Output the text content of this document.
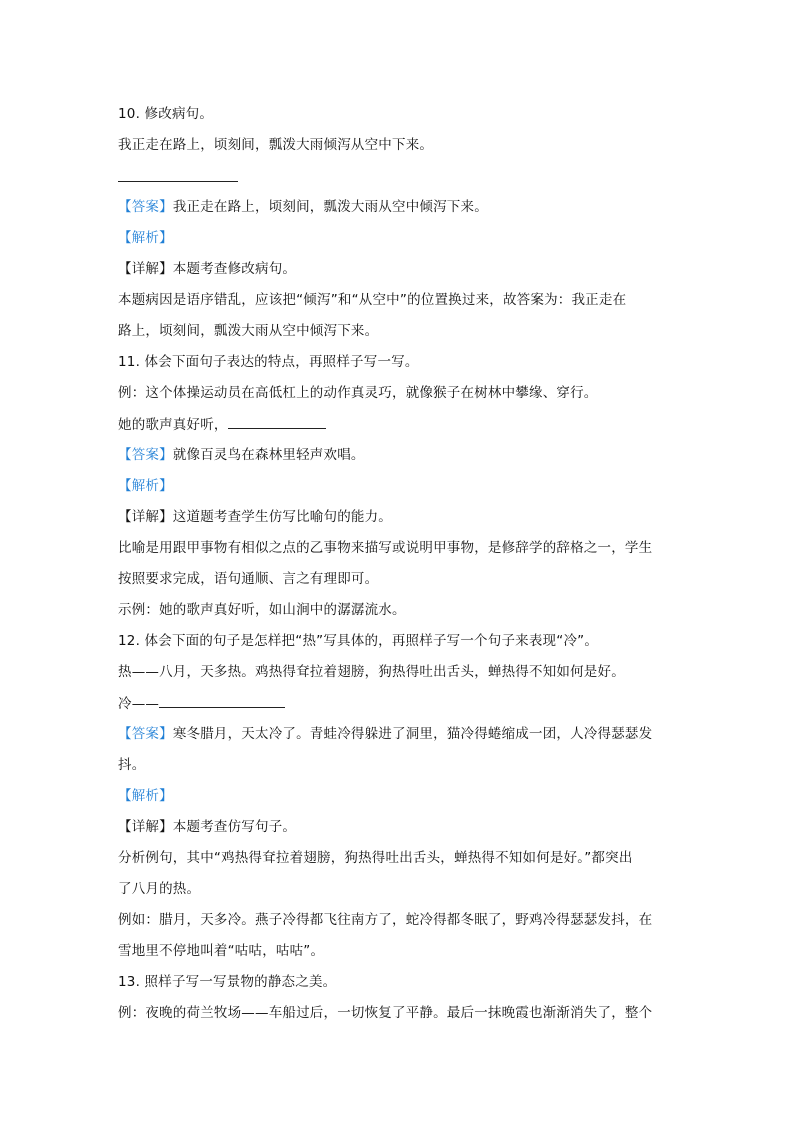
10. 修改病句。
我正走在路上，顷刻间，瓢泼大雨倾泻从空中下来。
【答案】我正走在路上，顷刻间，瓢泼大雨从空中倾泻下来。
【解析】
【详解】本题考查修改病句。
本题病因是语序错乱，应该把“倾泻”和“从空中”的位置换过来，故答案为：我正走在
路上，顷刻间，瓢泼大雨从空中倾泻下来。
11. 体会下面句子表达的特点，再照样子写一写。
例：这个体操运动员在高低杠上的动作真灵巧，就像猴子在树林中攀缘、穿行。
她的歌声真好听，
【答案】就像百灵鸟在森林里轻声欢唱。
【解析】
【详解】这道题考查学生仿写比喻句的能力。
比喻是用跟甲事物有相似之点的乙事物来描写或说明甲事物，是修辞学的辞格之一，学生
按照要求完成，语句通顺、言之有理即可。
示例：她的歌声真好听，如山涧中的潺潺流水。
12. 体会下面的句子是怎样把“热”写具体的，再照样子写一个句子来表现“冷”。
热——八月，天多热。鸡热得耷拉着翅膀，狗热得吐出舌头，蝉热得不知如何是好。
冷——
【答案】寒冬腊月，天太冷了。青蛙冷得躲进了洞里，猫冷得蜷缩成一团，人冷得瑟瑟发
抖。
【解析】
【详解】本题考查仿写句子。
分析例句，其中“鸡热得耷拉着翅膀，狗热得吐出舌头，蝉热得不知如何是好。”都突出
了八月的热。
例如：腊月，天多冷。燕子冷得都飞往南方了，蛇冷得都冬眠了，野鸡冷得瑟瑟发抖，在
雪地里不停地叫着“咕咕，咕咕”。
13. 照样子写一写景物的静态之美。
例：夜晚的荷兰牧场——车船过后，一切恢复了平静。最后一抹晚霞也渐渐消失了，整个
